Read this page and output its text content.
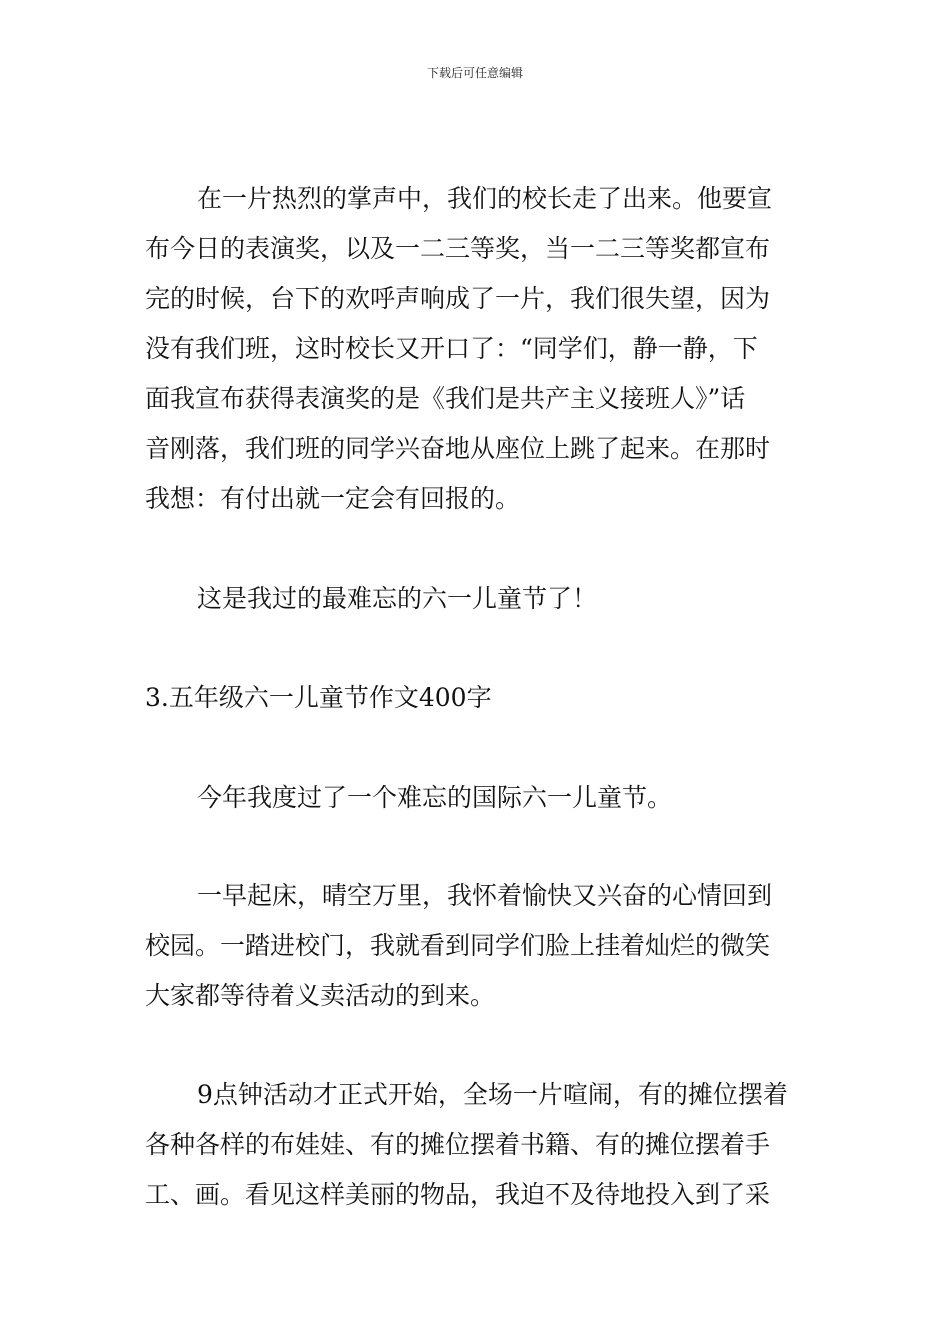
下载后可任意编辑
在一片热烈的掌声中，我们的校长走了出来。他要宣
布今日的表演奖，以及一二三等奖，当一二三等奖都宣布
完的时候，台下的欢呼声响成了一片，我们很失望，因为
没有我们班，这时校长又开口了：“同学们，静一静，下
面我宣布获得表演奖的是《我们是共产主义接班人》”话
音刚落，我们班的同学兴奋地从座位上跳了起来。在那时
我想：有付出就一定会有回报的。
这是我过的最难忘的六一儿童节了！
3.五年级六一儿童节作文400字
今年我度过了一个难忘的国际六一儿童节。
一早起床，晴空万里，我怀着愉快又兴奋的心情回到
校园。一踏进校门，我就看到同学们脸上挂着灿烂的微笑
大家都等待着义卖活动的到来。
9点钟活动才正式开始，全场一片喧闹，有的摊位摆着
各种各样的布娃娃、有的摊位摆着书籍、有的摊位摆着手
工、画。看见这样美丽的物品，我迫不及待地投入到了采
